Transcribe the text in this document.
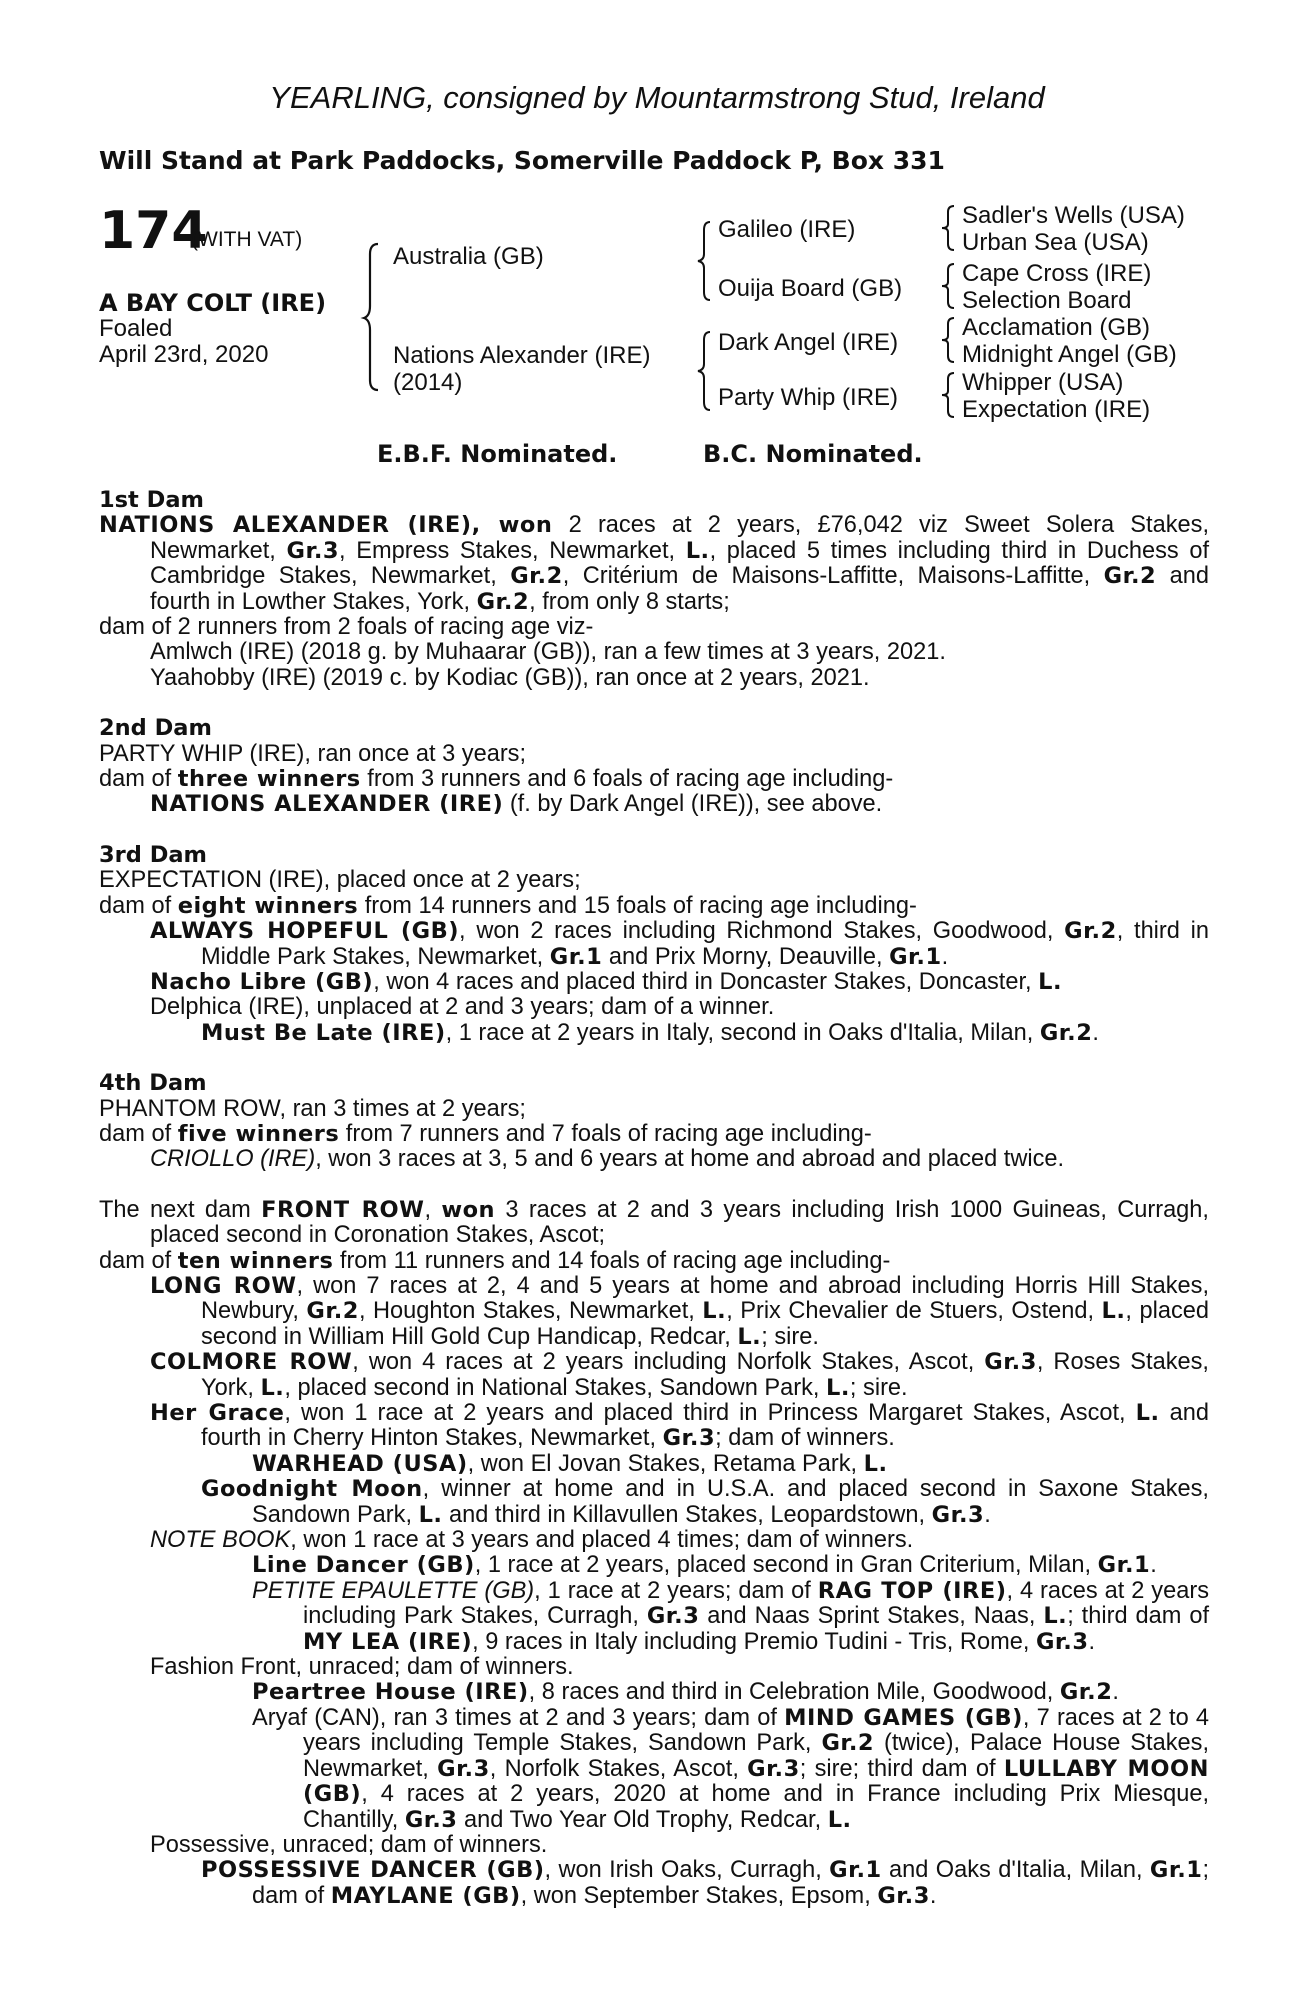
YEARLING, consigned by Mountarmstrong Stud, Ireland
Will Stand at Park Paddocks, Somerville Paddock P, Box 331
174
(WITH VAT)
A BAY COLT (IRE)
Foaled
April 23rd, 2020
Australia (GB)
Nations Alexander (IRE)
(2014)
Galileo (IRE)
Ouija Board (GB)
Dark Angel (IRE)
Party Whip (IRE)
Sadler's Wells (USA)
Urban Sea (USA)
Cape Cross (IRE)
Selection Board
Acclamation (GB)
Midnight Angel (GB)
Whipper (USA)
Expectation (IRE)
E.B.F. Nominated.	B.C. Nominated.

1st Dam

NATIONS ALEXANDER (IRE), won 2 races at 2 years, £76,042 viz Sweet Solera Stakes, Newmarket, Gr.3, Empress Stakes, Newmarket, L., placed 5 times including third in Duchess of Cambridge Stakes, Newmarket, Gr.2, Critérium de Maisons-Laffitte, Maisons-Laffitte, Gr.2 and fourth in Lowther Stakes, York, Gr.2, from only 8 starts;

dam of 2 runners from 2 foals of racing age viz-

Amlwch (IRE) (2018 g. by Muhaarar (GB)), ran a few times at 3 years, 2021.

Yaahobby (IRE) (2019 c. by Kodiac (GB)), ran once at 2 years, 2021.

2nd Dam

PARTY WHIP (IRE), ran once at 3 years;

dam of three winners from 3 runners and 6 foals of racing age including-

NATIONS ALEXANDER (IRE) (f. by Dark Angel (IRE)), see above.

3rd Dam

EXPECTATION (IRE), placed once at 2 years;

dam of eight winners from 14 runners and 15 foals of racing age including-

ALWAYS HOPEFUL (GB), won 2 races including Richmond Stakes, Goodwood, Gr.2, third in Middle Park Stakes, Newmarket, Gr.1 and Prix Morny, Deauville, Gr.1.

Nacho Libre (GB), won 4 races and placed third in Doncaster Stakes, Doncaster, L.

Delphica (IRE), unplaced at 2 and 3 years; dam of a winner.

Must Be Late (IRE), 1 race at 2 years in Italy, second in Oaks d'Italia, Milan, Gr.2.

4th Dam

PHANTOM ROW, ran 3 times at 2 years;

dam of five winners from 7 runners and 7 foals of racing age including-

CRIOLLO (IRE), won 3 races at 3, 5 and 6 years at home and abroad and placed twice.

The next dam FRONT ROW, won 3 races at 2 and 3 years including Irish 1000 Guineas, Curragh, placed second in Coronation Stakes, Ascot;

dam of ten winners from 11 runners and 14 foals of racing age including-

LONG ROW, won 7 races at 2, 4 and 5 years at home and abroad including Horris Hill Stakes, Newbury, Gr.2, Houghton Stakes, Newmarket, L., Prix Chevalier de Stuers, Ostend, L., placed second in William Hill Gold Cup Handicap, Redcar, L.; sire.

COLMORE ROW, won 4 races at 2 years including Norfolk Stakes, Ascot, Gr.3, Roses Stakes, York, L., placed second in National Stakes, Sandown Park, L.; sire.

Her Grace, won 1 race at 2 years and placed third in Princess Margaret Stakes, Ascot, L. and fourth in Cherry Hinton Stakes, Newmarket, Gr.3; dam of winners.

WARHEAD (USA), won El Jovan Stakes, Retama Park, L.

Goodnight Moon, winner at home and in U.S.A. and placed second in Saxone Stakes, Sandown Park, L. and third in Killavullen Stakes, Leopardstown, Gr.3.

NOTE BOOK, won 1 race at 3 years and placed 4 times; dam of winners.

Line Dancer (GB), 1 race at 2 years, placed second in Gran Criterium, Milan, Gr.1.

PETITE EPAULETTE (GB), 1 race at 2 years; dam of RAG TOP (IRE), 4 races at 2 years including Park Stakes, Curragh, Gr.3 and Naas Sprint Stakes, Naas, L.; third dam of MY LEA (IRE), 9 races in Italy including Premio Tudini - Tris, Rome, Gr.3.

Fashion Front, unraced; dam of winners.

Peartree House (IRE), 8 races and third in Celebration Mile, Goodwood, Gr.2.

Aryaf (CAN), ran 3 times at 2 and 3 years; dam of MIND GAMES (GB), 7 races at 2 to 4 years including Temple Stakes, Sandown Park, Gr.2 (twice), Palace House Stakes, Newmarket, Gr.3, Norfolk Stakes, Ascot, Gr.3; sire; third dam of LULLABY MOON (GB), 4 races at 2 years, 2020 at home and in France including Prix Miesque, Chantilly, Gr.3 and Two Year Old Trophy, Redcar, L.

Possessive, unraced; dam of winners.

POSSESSIVE DANCER (GB), won Irish Oaks, Curragh, Gr.1 and Oaks d'Italia, Milan, Gr.1; dam of MAYLANE (GB), won September Stakes, Epsom, Gr.3.
